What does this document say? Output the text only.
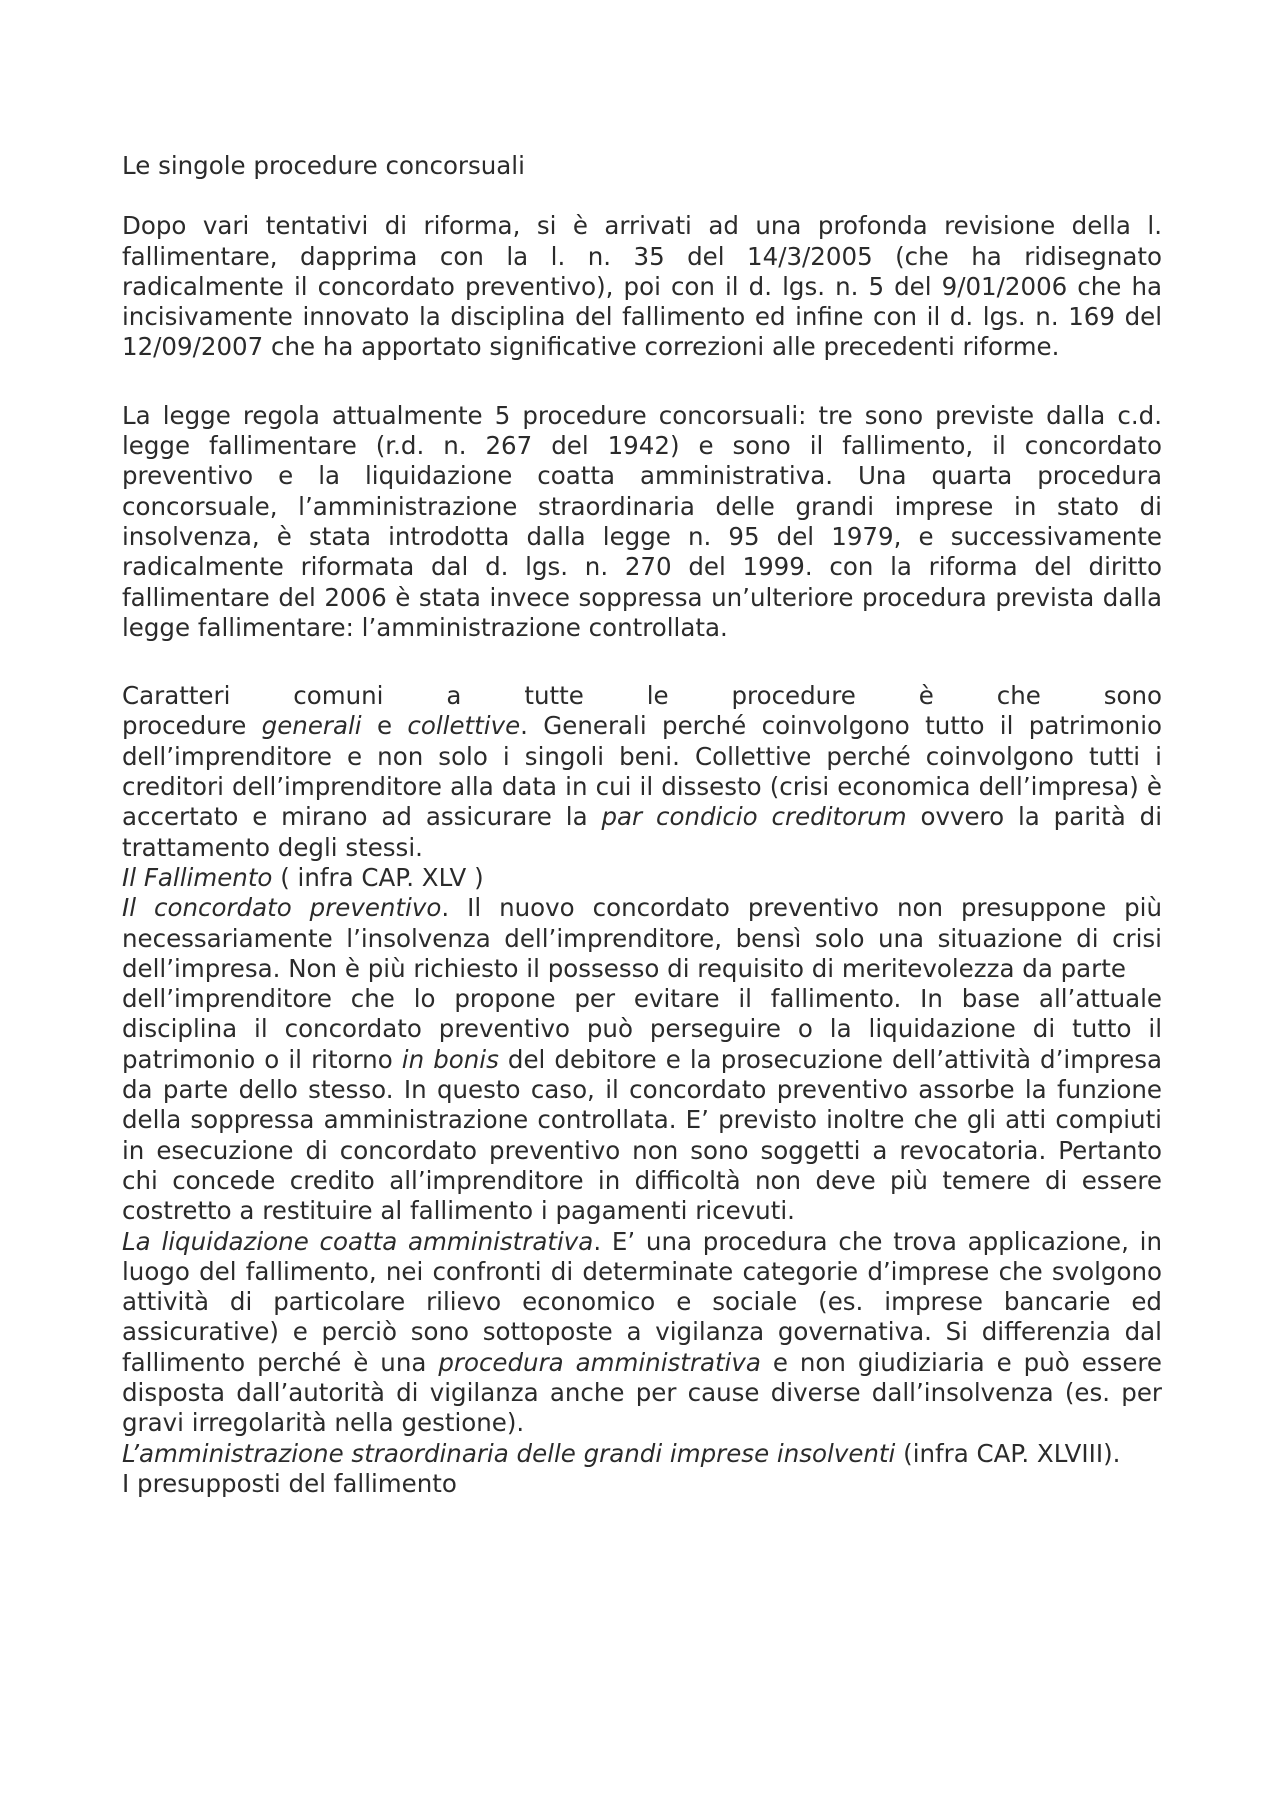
Le singole procedure concorsuali

Dopo vari tentativi di riforma, si è arrivati ad una profonda revisione della l. fallimentare, dapprima con la l. n. 35 del 14/3/2005 (che ha ridisegnato radicalmente il concordato preventivo), poi con il d. lgs. n. 5 del 9/01/2006 che ha incisivamente innovato la disciplina del fallimento ed infine con il d. lgs. n. 169 del 12/09/2007 che ha apportato significative correzioni alle precedenti riforme.

La legge regola attualmente 5 procedure concorsuali: tre sono previste dalla c.d. legge fallimentare (r.d. n. 267 del 1942) e sono il fallimento, il concordato preventivo e la liquidazione coatta amministrativa. Una quarta procedura concorsuale, l’amministrazione straordinaria delle grandi imprese in stato di insolvenza, è stata introdotta dalla legge n. 95 del 1979, e successivamente radicalmente riformata dal d. lgs. n. 270 del 1999. con la riforma del diritto fallimentare del 2006 è stata invece soppressa un’ulteriore procedura prevista dalla legge fallimentare: l’amministrazione controllata.

Caratteri comuni a tutte le procedure è che sono

procedure generali e collettive. Generali perché coinvolgono tutto il patrimonio dell’imprenditore e non solo i singoli beni. Collettive perché coinvolgono tutti i creditori dell’imprenditore alla data in cui il dissesto (crisi economica dell’impresa) è accertato e mirano ad assicurare la par condicio creditorum ovvero la parità di trattamento degli stessi.

Il Fallimento ( infra CAP. XLV )

Il concordato preventivo. Il nuovo concordato preventivo non presuppone più necessariamente l’insolvenza dell’imprenditore, bensì solo una situazione di crisi dell’impresa. Non è più richiesto il possesso di requisito di meritevolezza da parte

dell’imprenditore che lo propone per evitare il fallimento. In base all’attuale disciplina il concordato preventivo può perseguire o la liquidazione di tutto il patrimonio o il ritorno in bonis del debitore e la prosecuzione dell’attività d’impresa da parte dello stesso. In questo caso, il concordato preventivo assorbe la funzione della soppressa amministrazione controllata. E’ previsto inoltre che gli atti compiuti in esecuzione di concordato preventivo non sono soggetti a revocatoria. Pertanto chi concede credito all’imprenditore in difficoltà non deve più temere di essere costretto a restituire al fallimento i pagamenti ricevuti.

La liquidazione coatta amministrativa. E’ una procedura che trova applicazione, in luogo del fallimento, nei confronti di determinate categorie d’imprese che svolgono attività di particolare rilievo economico e sociale (es. imprese bancarie ed assicurative) e perciò sono sottoposte a vigilanza governativa. Si differenzia dal fallimento perché è una procedura amministrativa e non giudiziaria e può essere disposta dall’autorità di vigilanza anche per cause diverse dall’insolvenza (es. per gravi irregolarità nella gestione).

L’amministrazione straordinaria delle grandi imprese insolventi (infra CAP. XLVIII).

I presupposti del fallimento
